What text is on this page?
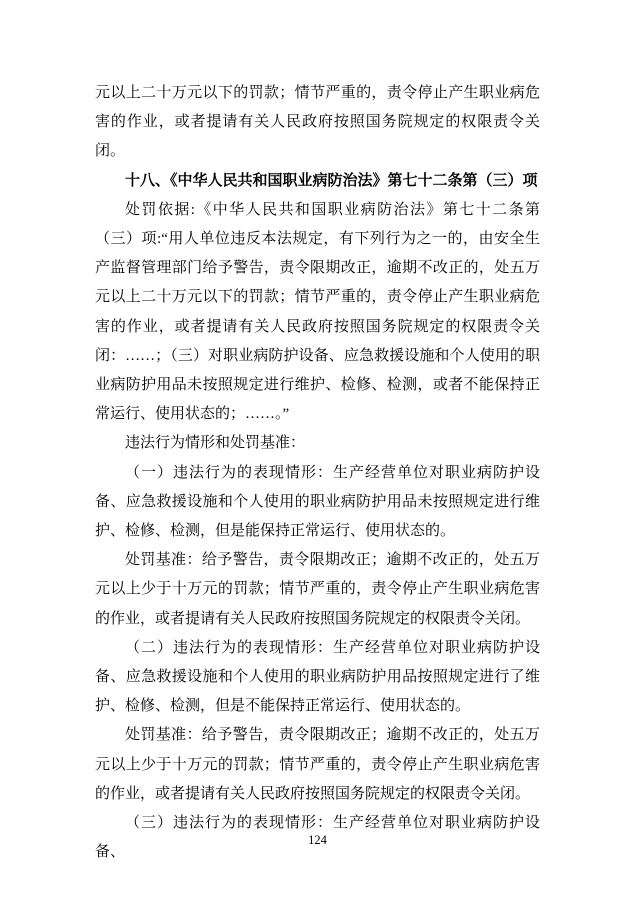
元以上二十万元以下的罚款；情节严重的，责令停止产生职业病危害的作业，或者提请有关人民政府按照国务院规定的权限责令关闭。

十八、《中华人民共和国职业病防治法》第七十二条第（三）项

处罚依据:《中华人民共和国职业病防治法》第七十二条第（三）项:“用人单位违反本法规定，有下列行为之一的，由安全生产监督管理部门给予警告，责令限期改正，逾期不改正的，处五万元以上二十万元以下的罚款；情节严重的，责令停止产生职业病危害的作业，或者提请有关人民政府按照国务院规定的权限责令关闭：……；（三）对职业病防护设备、应急救援设施和个人使用的职业病防护用品未按照规定进行维护、检修、检测，或者不能保持正常运行、使用状态的；……。”

违法行为情形和处罚基准：

（一）违法行为的表现情形：生产经营单位对职业病防护设备、应急救援设施和个人使用的职业病防护用品未按照规定进行维护、检修、检测，但是能保持正常运行、使用状态的。

处罚基准：给予警告，责令限期改正；逾期不改正的，处五万元以上少于十万元的罚款；情节严重的，责令停止产生职业病危害的作业，或者提请有关人民政府按照国务院规定的权限责令关闭。

（二）违法行为的表现情形：生产经营单位对职业病防护设备、应急救援设施和个人使用的职业病防护用品按照规定进行了维护、检修、检测，但是不能保持正常运行、使用状态的。

处罚基准：给予警告，责令限期改正；逾期不改正的，处五万元以上少于十万元的罚款；情节严重的，责令停止产生职业病危害的作业，或者提请有关人民政府按照国务院规定的权限责令关闭。

（三）违法行为的表现情形：生产经营单位对职业病防护设备、

124
